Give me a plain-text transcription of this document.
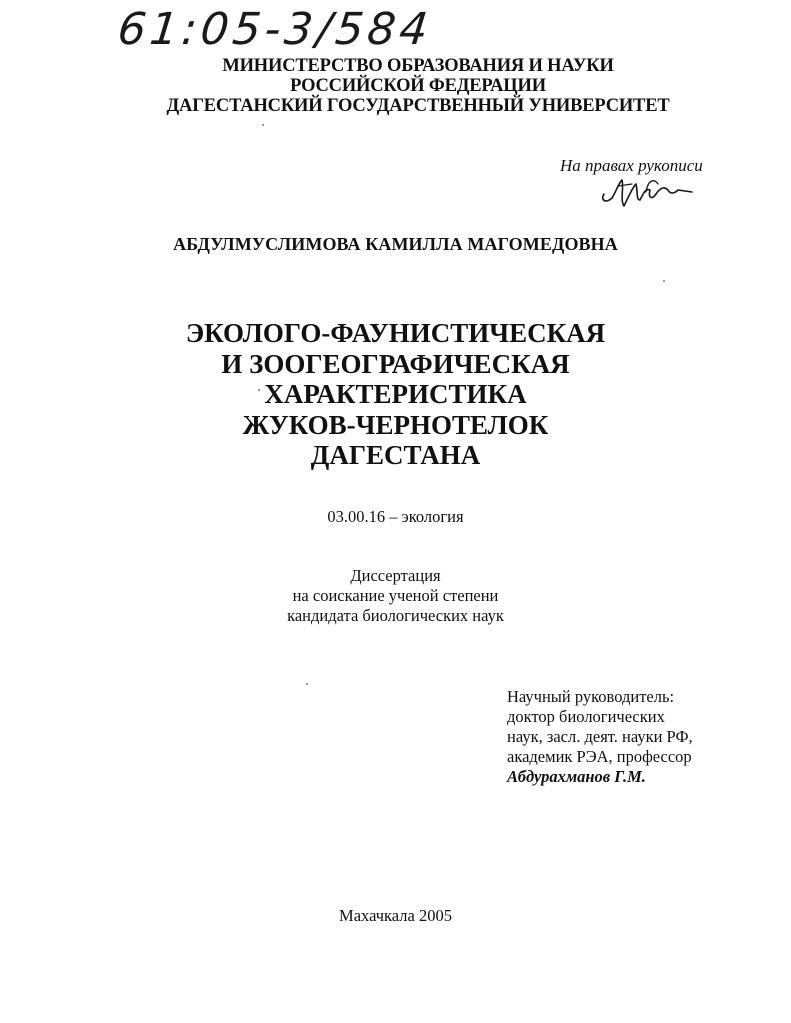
61:05-3/584
МИНИСТЕРСТВО ОБРАЗОВАНИЯ И НАУКИ
РОССИЙСКОЙ ФЕДЕРАЦИИ
ДАГЕСТАНСКИЙ ГОСУДАРСТВЕННЫЙ УНИВЕРСИТЕТ
На правах рукописи
АБДУЛМУСЛИМОВА КАМИЛЛА МАГОМЕДОВНА
ЭКОЛОГО-ФАУНИСТИЧЕСКАЯ
И ЗООГЕОГРАФИЧЕСКАЯ
ХАРАКТЕРИСТИКА
ЖУКОВ-ЧЕРНОТЕЛОК
ДАГЕСТАНА
03.00.16 – экология
Диссертация
на соискание ученой степени
кандидата биологических наук
Научный руководитель:
доктор биологических
наук, засл. деят. науки РФ,
академик РЭА, профессор
Абдурахманов Г.М.
Махачкала 2005
